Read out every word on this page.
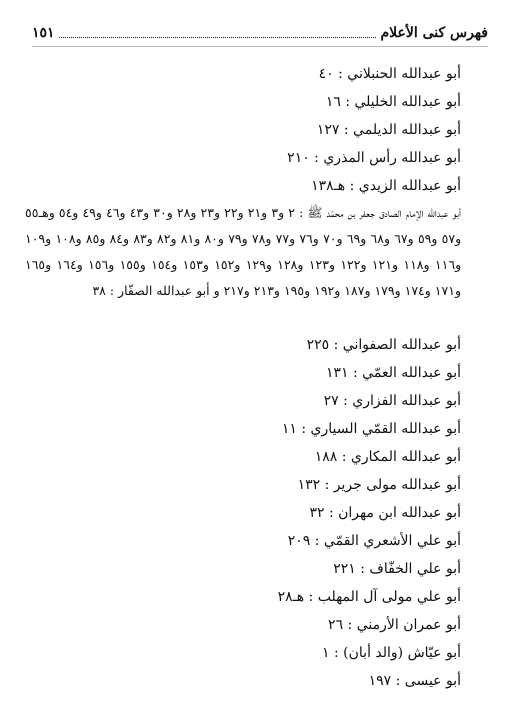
فهرس كنى الأعلام
١٥١
أبو عبدالله الحنبلاني : ٤٠
أبو عبدالله الخليلي : ١٦
أبو عبدالله الديلمي : ١٢٧
أبو عبدالله رأس المذري : ٢١٠
أبو عبدالله الزيدي : هـ١٣٨
أبو عبدالله الإمام الصادق جعفر بن محمّد ﷺ : ٢ و٣ و٢١ و٢٢ و٢٣ و٢٨ و٣٠ و٤٣ و٤٦ و٤٩ و٥٤ وهـ٥٥ و٥٧ و٥٩ و٦٧ و٦٨ و٦٩ و٧٠ و٧٦ و٧٧ و٧٨ و٧٩ و٨٠ و٨١ و٨٢ و٨٣ و٨٤ و٨٥ و١٠٨ و١٠٩ و١١٦ و١١٨ و١٢١ و١٢٢ و١٢٣ و١٢٨ و١٢٩ و١٥٢ و١٥٣ و١٥٤ و١٥٥ و١٥٦ و١٦٤ و١٦٥ و١٧١ و١٧٤ و١٧٩ و١٨٧ و١٩٢ و١٩٥ و٢١٣ و٢١٧ و أبو عبدالله الصفّار : ٣٨
أبو عبدالله الصفواني : ٢٢٥
أبو عبدالله العمّي : ١٣١
أبو عبدالله الفزاري : ٢٧
أبو عبدالله القمّي السياري : ١١
أبو عبدالله المكاري : ١٨٨
أبو عبدالله مولى جرير : ١٣٢
أبو عبدالله ابن مهران : ٣٢
أبو علي الأشعري القمّي : ٢٠٩
أبو علي الخفّاف : ٢٢١
أبو علي مولى آل المهلب : هـ٢٨
أبو عمران الأرمني : ٢٦
أبو عيّاش (والد أبان) : ١
أبو عيسى : ١٩٧
